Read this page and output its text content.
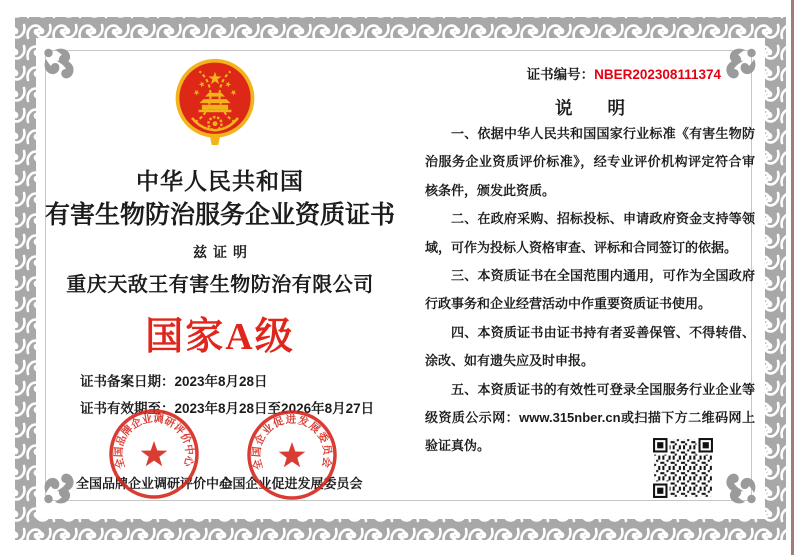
中华人民共和国
有害生物防治服务企业资质证书
兹证明
重庆天敌王有害生物防治有限公司
国家A级
证书备案日期：2023年8月28日
证书有效期至：2023年8月28日至2026年8月27日
证书编号：NBER202308111374
说　　明

一、依据中华人民共和国国家行业标准《有害生物防治服务企业资质评价标准》，经专业评价机构评定符合审核条件，颁发此资质。

二、在政府采购、招标投标、申请政府资金支持等领域，可作为投标人资格审查、评标和合同签订的依据。

三、本资质证书在全国范围内通用，可作为全国政府行政事务和企业经营活动中作重要资质证书使用。

四、本资质证书由证书持有者妥善保管、不得转借、涂改、如有遗失应及时申报。

五、本资质证书的有效性可登录全国服务行业企业等级资质公示网：www.315nber.cn或扫描下方二维码网上验证真伪。

全国品牌企业调研评价中心
全国企业促进发展委员会
全国品牌企业调研评价中心	全国企业促进发展委员会
